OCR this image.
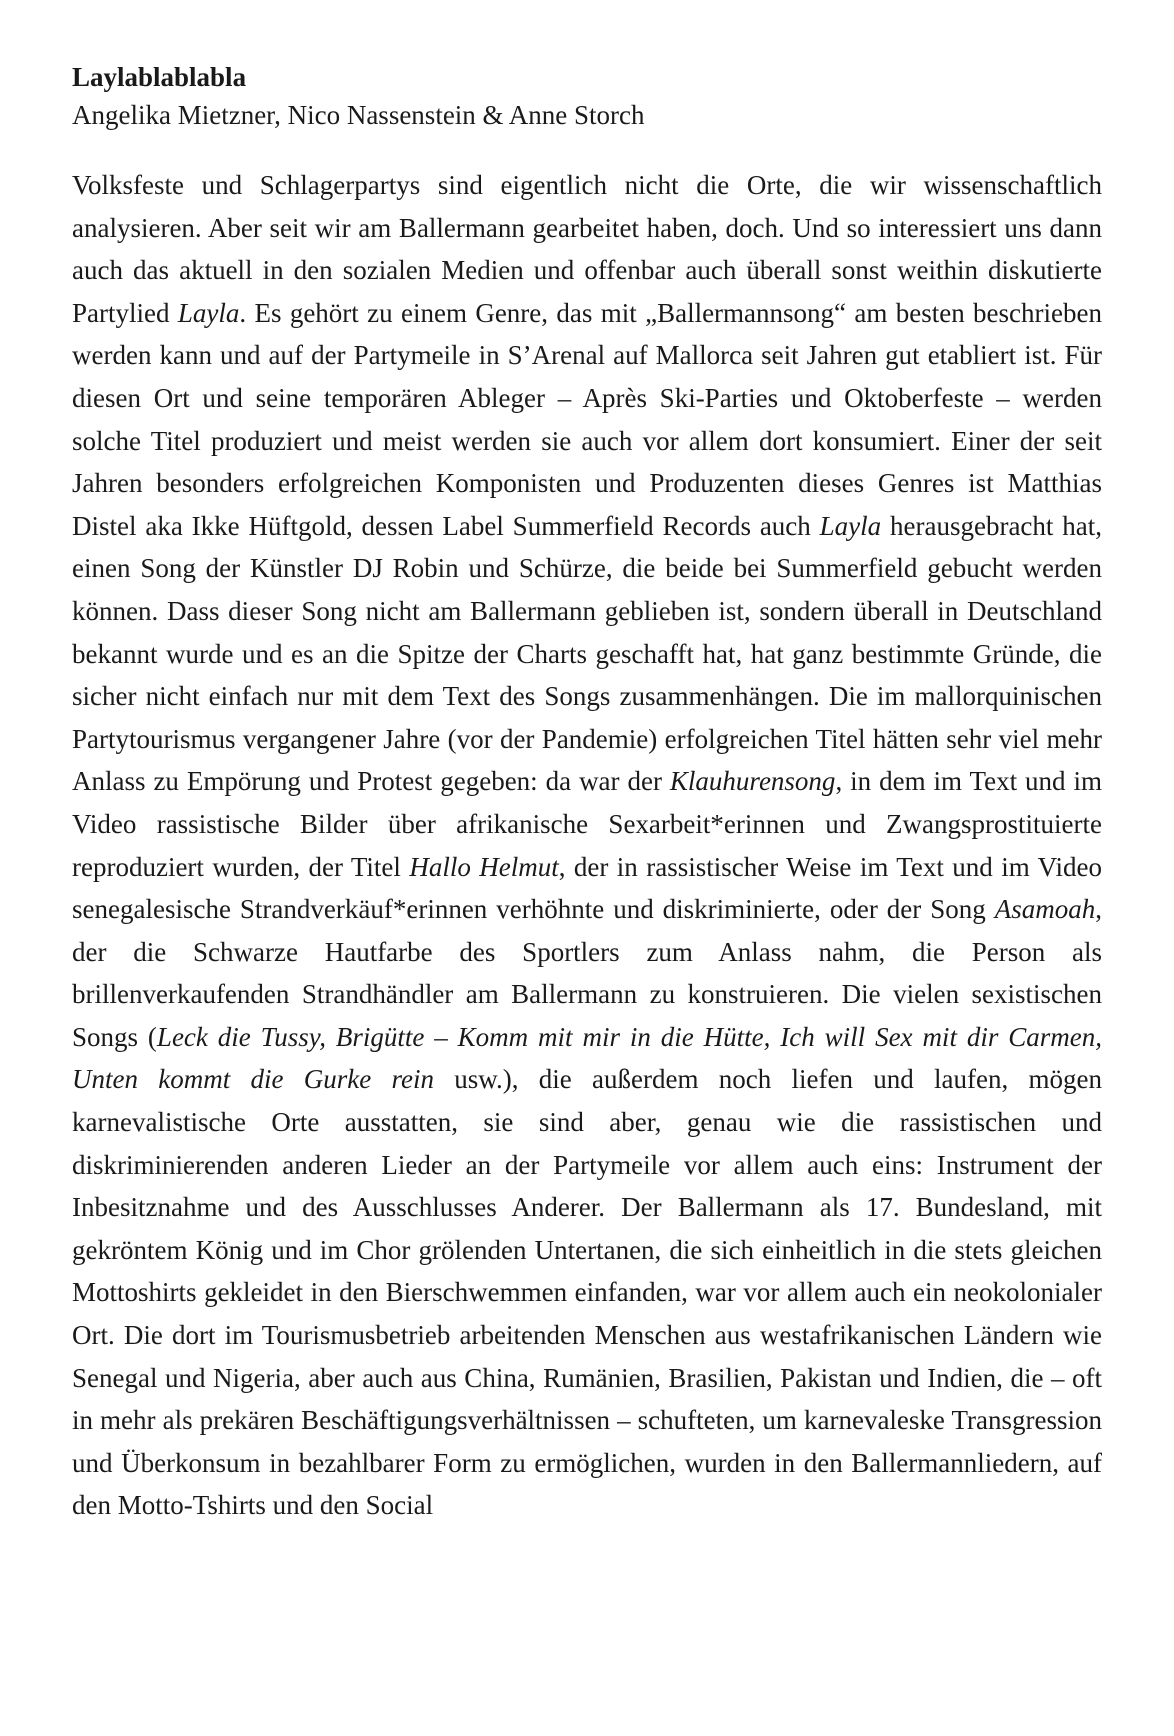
Laylablablabla

Angelika Mietzner, Nico Nassenstein & Anne Storch

Volksfeste und Schlagerpartys sind eigentlich nicht die Orte, die wir wissenschaftlich analysieren. Aber seit wir am Ballermann gearbeitet haben, doch. Und so interessiert uns dann auch das aktuell in den sozialen Medien und offenbar auch überall sonst weithin diskutierte Partylied Layla. Es gehört zu einem Genre, das mit „Ballermannsong“ am besten beschrieben werden kann und auf der Partymeile in S’Arenal auf Mallorca seit Jahren gut etabliert ist. Für diesen Ort und seine temporären Ableger – Après Ski-Parties und Oktoberfeste – werden solche Titel produziert und meist werden sie auch vor allem dort konsumiert. Einer der seit Jahren besonders erfolgreichen Komponisten und Produzenten dieses Genres ist Matthias Distel aka Ikke Hüftgold, dessen Label Summerfield Records auch Layla herausgebracht hat, einen Song der Künstler DJ Robin und Schürze, die beide bei Summerfield gebucht werden können. Dass dieser Song nicht am Ballermann geblieben ist, sondern überall in Deutschland bekannt wurde und es an die Spitze der Charts geschafft hat, hat ganz bestimmte Gründe, die sicher nicht einfach nur mit dem Text des Songs zusammenhängen. Die im mallorquinischen Partytourismus vergangener Jahre (vor der Pandemie) erfolgreichen Titel hätten sehr viel mehr Anlass zu Empörung und Protest gegeben: da war der Klauhurensong, in dem im Text und im Video rassistische Bilder über afrikanische Sexarbeit*erinnen und Zwangsprostituierte reproduziert wurden, der Titel Hallo Helmut, der in rassistischer Weise im Text und im Video senegalesische Strandverkäuf*erinnen verhöhnte und diskriminierte, oder der Song Asamoah, der die Schwarze Hautfarbe des Sportlers zum Anlass nahm, die Person als brillenverkaufenden Strandhändler am Ballermann zu konstruieren. Die vielen sexistischen Songs (Leck die Tussy, Brigütte – Komm mit mir in die Hütte, Ich will Sex mit dir Carmen, Unten kommt die Gurke rein usw.), die außerdem noch liefen und laufen, mögen karnevalistische Orte ausstatten, sie sind aber, genau wie die rassistischen und diskriminierenden anderen Lieder an der Partymeile vor allem auch eins: Instrument der Inbesitznahme und des Ausschlusses Anderer. Der Ballermann als 17. Bundesland, mit gekröntem König und im Chor grölenden Untertanen, die sich einheitlich in die stets gleichen Mottoshirts gekleidet in den Bierschwemmen einfanden, war vor allem auch ein neokolonialer Ort. Die dort im Tourismusbetrieb arbeitenden Menschen aus westafrikanischen Ländern wie Senegal und Nigeria, aber auch aus China, Rumänien, Brasilien, Pakistan und Indien, die – oft in mehr als prekären Beschäftigungsverhältnissen – schufteten, um karnevaleske Transgression und Überkonsum in bezahlbarer Form zu ermöglichen, wurden in den Ballermannliedern, auf den Motto-Tshirts und den Social
